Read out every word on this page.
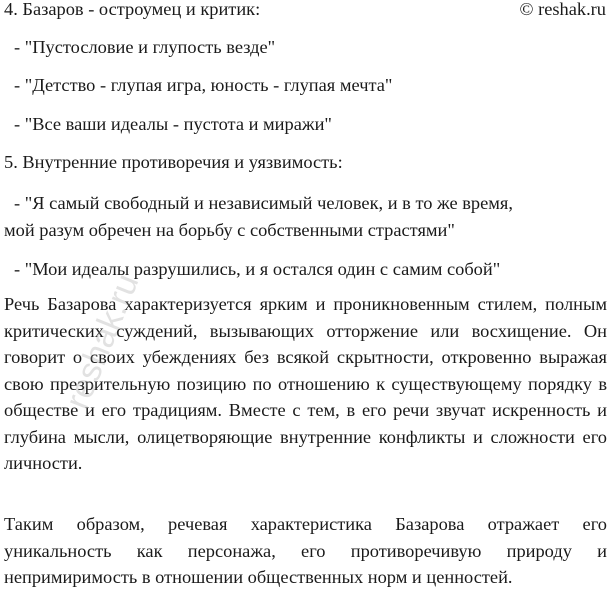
© reshak.ru
4. Базаров - остроумец и критик:
- "Пустословие и глупость везде"
- "Детство - глупая игра, юность - глупая мечта"
- "Все ваши идеалы - пустота и миражи"
5. Внутренние противоречия и уязвимость:
- "Я самый свободный и независимый человек, и в то же время,
мой разум обречен на борьбу с собственными страстями"
- "Мои идеалы разрушились, и я остался один с самим собой"

Речь Базарова характеризуется ярким и проникновенным стилем, полным критических суждений, вызывающих отторжение или восхищение. Он говорит о своих убеждениях без всякой скрытности, откровенно выражая свою презрительную позицию по отношению к существующему порядку в обществе и его традициям. Вместе с тем, в его речи звучат искренность и глубина мысли, олицетворяющие внутренние конфликты и сложности его личности.

Таким образом, речевая характеристика Базарова отражает его уникальность как персонажа, его противоречивую природу и непримиримость в отношении общественных норм и ценностей.

reshak.ru
